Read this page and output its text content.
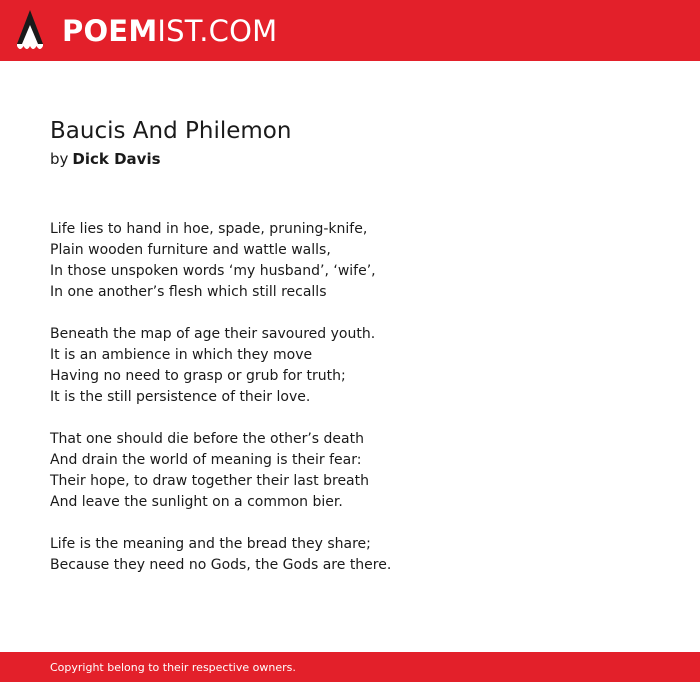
POEMIST.COM
Baucis And Philemon
by Dick Davis
Life lies to hand in hoe, spade, pruning-knife,
Plain wooden furniture and wattle walls,
In those unspoken words ‘my husband’, ‘wife’,
In one another’s flesh which still recalls
Beneath the map of age their savoured youth.
It is an ambience in which they move
Having no need to grasp or grub for truth;
It is the still persistence of their love.
That one should die before the other’s death
And drain the world of meaning is their fear:
Their hope, to draw together their last breath
And leave the sunlight on a common bier.
Life is the meaning and the bread they share;
Because they need no Gods, the Gods are there.
Copyright belong to their respective owners.
